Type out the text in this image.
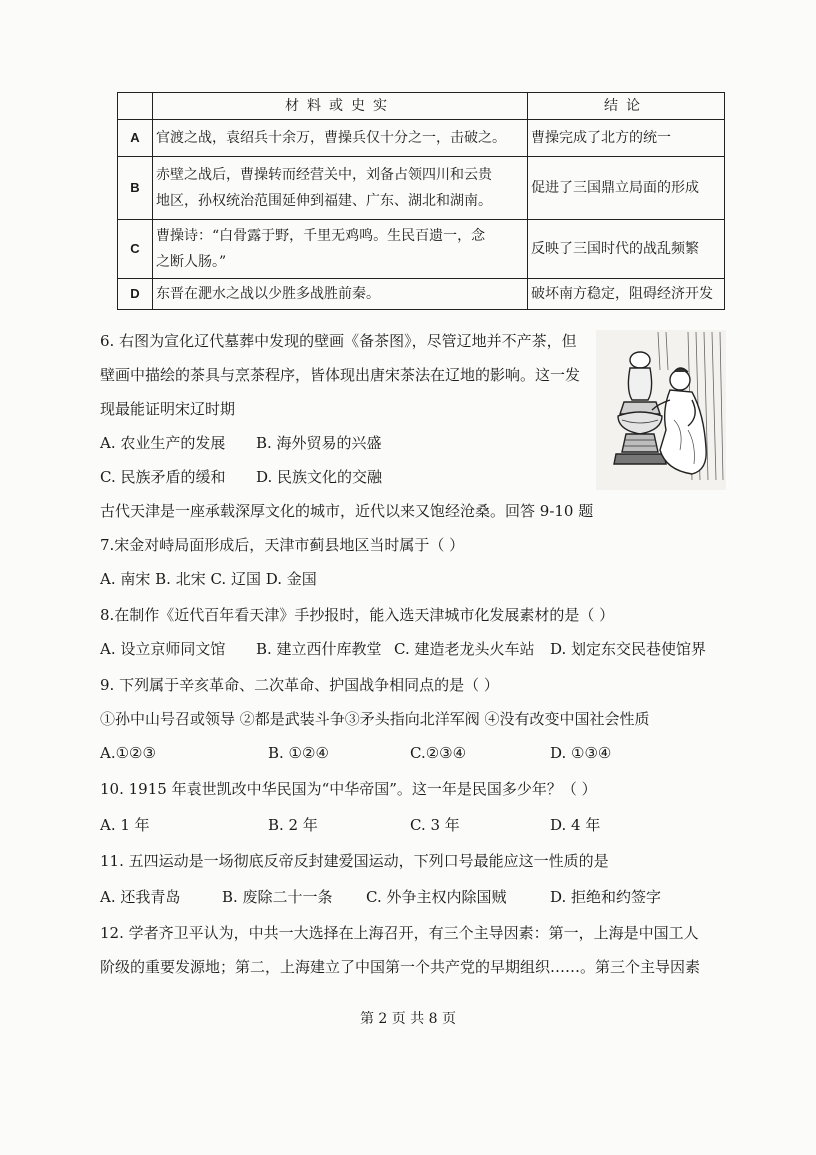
	材料或史实	结论
A	官渡之战，袁绍兵十余万，曹操兵仅十分之一，击破之。	曹操完成了北方的统一
B	赤壁之战后，曹操转而经营关中，刘备占领四川和云贵
地区，孙权统治范围延伸到福建、广东、湖北和湖南。	促进了三国鼎立局面的形成
C	曹操诗：“白骨露于野，千里无鸡鸣。生民百遗一，念
之断人肠。”	反映了三国时代的战乱频繁
D	东晋在淝水之战以少胜多战胜前秦。	破坏南方稳定，阻碍经济开发
6. 右图为宣化辽代墓葬中发现的壁画《备茶图》，尽管辽地并不产茶，但
壁画中描绘的茶具与烹茶程序，皆体现出唐宋茶法在辽地的影响。这一发
现最能证明宋辽时期
A. 农业生产的发展 B. 海外贸易的兴盛
C. 民族矛盾的缓和 D. 民族文化的交融
古代天津是一座承载深厚文化的城市，近代以来又饱经沧桑。回答 9-10 题
7.宋金对峙局面形成后，天津市蓟县地区当时属于（ ）
A. 南宋 B. 北宋 C. 辽国 D. 金国
8.在制作《近代百年看天津》手抄报时，能入选天津城市化发展素材的是（ ）
A. 设立京师同文馆 B. 建立西什库教堂 C. 建造老龙头火车站 D. 划定东交民巷使馆界
9. 下列属于辛亥革命、二次革命、护国战争相同点的是（ ）
①孙中山号召或领导 ②都是武装斗争③矛头指向北洋军阀 ④没有改变中国社会性质
A.①②③	B. ①②④	C.②③④	D. ①③④
10. 1915 年袁世凯改中华民国为“中华帝国”。这一年是民国多少年？（ ）
A. 1 年	B. 2 年	C. 3 年	D. 4 年
11. 五四运动是一场彻底反帝反封建爱国运动，下列口号最能应这一性质的是
A. 还我青岛	B. 废除二十一条 C. 外争主权内除国贼	D. 拒绝和约签字
12. 学者齐卫平认为，中共一大选择在上海召开，有三个主导因素：第一，上海是中国工人
阶级的重要发源地；第二，上海建立了中国第一个共产党的早期组织……。第三个主导因素
第 2 页 共 8 页
